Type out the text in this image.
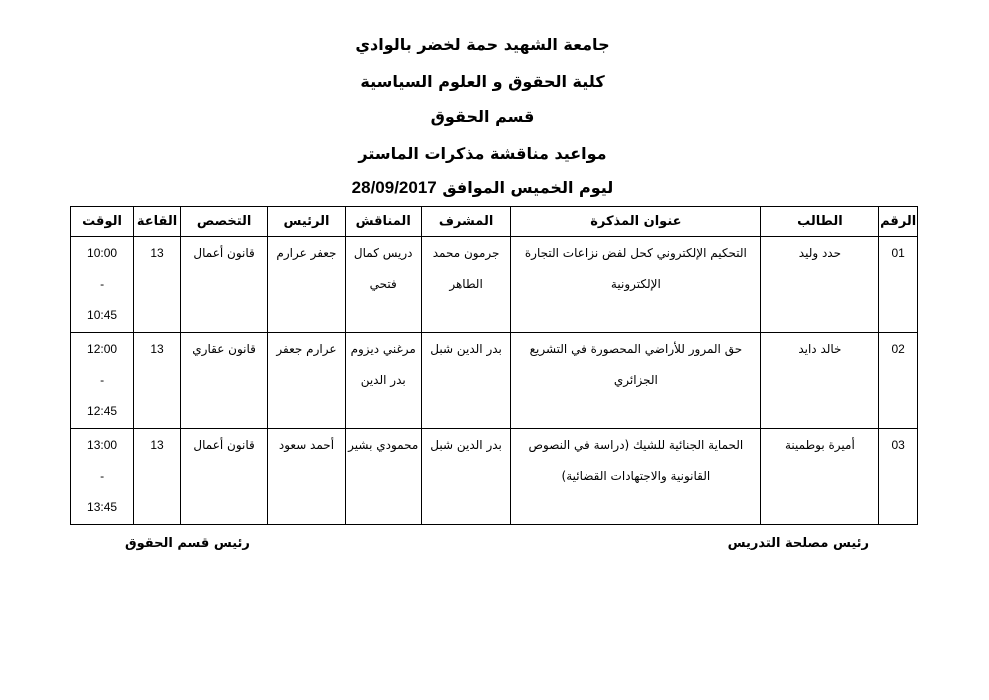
جامعة الشهيد حمة لخضر بالوادي
كلية الحقوق و العلوم السياسية
قسم الحقوق
مواعيد مناقشة مذكرات الماستر
ليوم الخميس الموافق 28/09/2017
الرقم	الطالب	عنوان المذكرة	المشرف	المناقش	الرئيس	التخصص	القاعة	الوقت
01	حدد وليد	التحكيم الإلكتروني كحل لفض نزاعات التجارة الإلكترونية	جرمون محمد الطاهر	دريس كمال فتحي	جعفر عرارم	قانون أعمال	13	10:00
-
10:45

02	خالد دايد	حق المرور للأراضي المحصورة في التشريع الجزائري	بدر الدين شبل	مرغني ديزوم بدر الدين	عرارم جعفر	قانون عقاري	13	12:00
-
12:45

03	أميرة بوطمينة	الحماية الجنائية للشيك (دراسة في النصوص القانونية والاجتهادات القضائية)	بدر الدين شبل	محمودي بشير	أحمد سعود	قانون أعمال	13	13:00
-
13:45
رئيس مصلحة التدريس
رئيس قسم الحقوق
